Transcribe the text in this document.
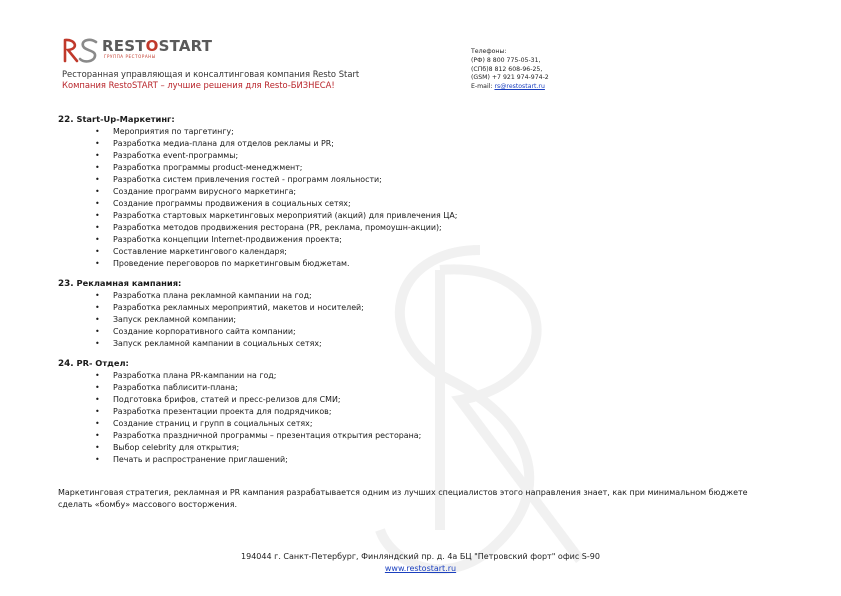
RESTOSTART
ГРУППА РЕСТОРАНЫ
Ресторанная управляющая и консалтинговая компания Resto Start
Компания RestoSTART – лучшие решения для Resto-БИЗНЕСА!
Телефоны:
(РФ) 8 800 775-05-31,
(СПб)8 812 608-96-25,
(GSM) +7 921 974-974-2
E-mail: rs@restostart.ru
22. Start-Up-Маркетинг:
• Мероприятия по таргетингу;
• Разработка медиа-плана для отделов рекламы и PR;
• Разработка event-программы;
• Разработка программы product-менеджмент;
• Разработка систем привлечения гостей - программ лояльности;
• Создание программ вирусного маркетинга;
• Создание программы продвижения в социальных сетях;
• Разработка стартовых маркетинговых мероприятий (акций) для привлечения ЦА;
• Разработка методов продвижения ресторана (PR, реклама, промоушн-акции);
• Разработка концепции Internet-продвижения проекта;
• Составление маркетингового календаря;
• Проведение переговоров по маркетинговым бюджетам.
23. Рекламная кампания:
• Разработка плана рекламной кампании на год;
• Разработка рекламных мероприятий, макетов и носителей;
• Запуск рекламной компании;
• Создание корпоративного сайта компании;
• Запуск рекламной кампании в социальных сетях;
24. PR- Отдел:
• Разработка плана PR-кампании на год;
• Разработка паблисити-плана;
• Подготовка брифов, статей и пресс-релизов для СМИ;
• Разработка презентации проекта для подрядчиков;
• Создание страниц и групп в социальных сетях;
• Разработка праздничной программы – презентация открытия ресторана;
• Выбор celebrity для открытия;
• Печать и распространение приглашений;
Маркетинговая стратегия, рекламная и PR кампания разрабатывается одним из лучших специалистов этого направления знает, как при минимальном бюджете сделать «бомбу» массового восторжения.
194044 г. Санкт-Петербург, Финляндский пр. д. 4а БЦ "Петровский форт" офис S-90
www.restostart.ru
